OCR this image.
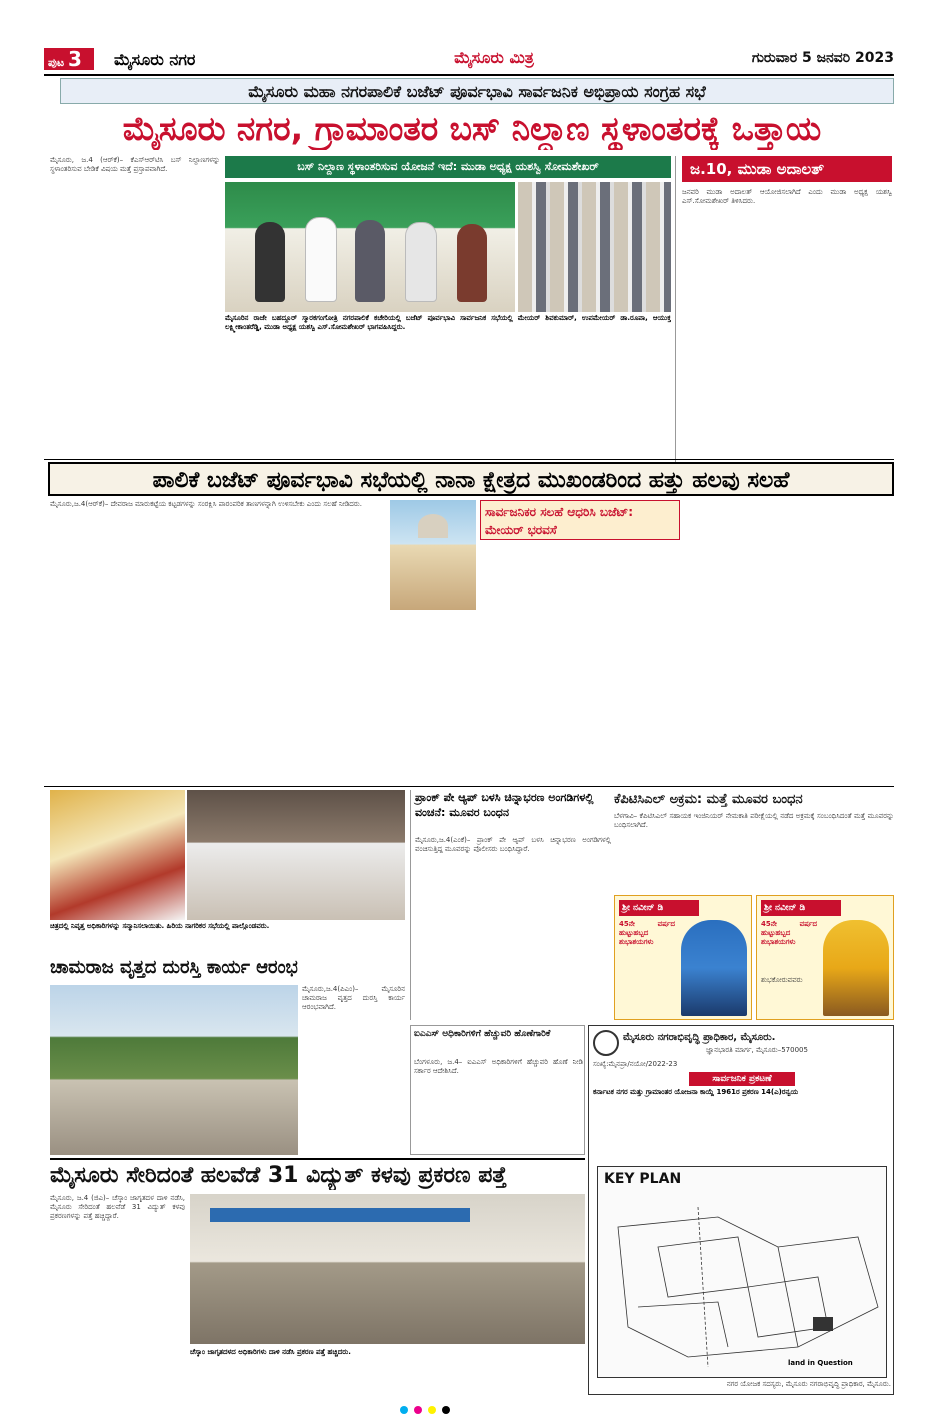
ಪುಟ 3	ಮೈಸೂರು ನಗರ	ಮೈಸೂರು ಮಿತ್ರ	ಗುರುವಾರ 5 ಜನವರಿ 2023
ಮೈಸೂರು ಮಹಾ ನಗರಪಾಲಿಕೆ ಬಜೆಟ್ ಪೂರ್ವಭಾವಿ ಸಾರ್ವಜನಿಕ ಅಭಿಪ್ರಾಯ ಸಂಗ್ರಹ ಸಭೆ
ಮೈಸೂರು ನಗರ, ಗ್ರಾಮಾಂತರ ಬಸ್ ನಿಲ್ದಾಣ ಸ್ಥಳಾಂತರಕ್ಕೆ ಒತ್ತಾಯ
ಮೈಸೂರು, ಜ.4 (ಆರ್‌ಕೆ)– ಕೆಎಸ್‌ಆರ್‌ಟಿಸಿ ಬಸ್ ನಿಲ್ದಾಣಗಳನ್ನು ಸ್ಥಳಾಂತರಿಸುವ ಬೇಡಿಕೆ ವಿಷಯ ಮತ್ತೆ ಪ್ರಸ್ತಾಪವಾಗಿದೆ.	ಬಸ್ ನಿಲ್ದಾಣ ಸ್ಥಳಾಂತರಿಸುವ ಯೋಜನೆ ಇದೆ: ಮುಡಾ ಅಧ್ಯಕ್ಷ ಯಶಸ್ವಿ ಸೋಮಶೇಖರ್
ಮೈಸೂರಿನ ರಾಜೇ ಬಹದ್ದೂರ್ ಸ್ಮಾರಕಗಂಗೋತ್ರಿ ನಗರಪಾಲಿಕೆ ಕಚೇರಿಯಲ್ಲಿ ಬಜೆಟ್ ಪೂರ್ವಭಾವಿ ಸಾರ್ವಜನಿಕ ಸಭೆಯಲ್ಲಿ ಮೇಯರ್ ಶಿವಕುಮಾರ್, ಉಪಮೇಯರ್ ಡಾ.ರೂಪಾ, ಆಯುಕ್ತ ಲಕ್ಷ್ಮೀಕಾಂತರೆಡ್ಡಿ, ಮುಡಾ ಅಧ್ಯಕ್ಷ ಯಶಸ್ವಿ ಎಸ್.ಸೋಮಶೇಖರ್ ಭಾಗವಹಿಸಿದ್ದರು.
ಜ.10, ಮುಡಾ ಅದಾಲತ್
ಜನವರಿ ಮುಡಾ ಅದಾಲತ್ ಆಯೋಜಿಸಲಾಗಿದೆ ಎಂದು ಮುಡಾ ಅಧ್ಯಕ್ಷ ಯಶಸ್ವಿ ಎಸ್.ಸೋಮಶೇಖರ್ ತಿಳಿಸಿದರು.
ಪಾಲಿಕೆ ಬಜೆಟ್ ಪೂರ್ವಭಾವಿ ಸಭೆಯಲ್ಲಿ ನಾನಾ ಕ್ಷೇತ್ರದ ಮುಖಂಡರಿಂದ ಹತ್ತು ಹಲವು ಸಲಹೆ
ಮೈಸೂರು,ಜ.4(ಆರ್‌ಕೆ)– ದೇವರಾಜ ಮಾರುಕಟ್ಟೆಯ ಕಟ್ಟಡಗಳನ್ನು ಸಂರಕ್ಷಿಸಿ ಪಾರಂಪರಿಕ ತಾಣಗಳನ್ನಾಗಿ ಉಳಿಸಬೇಕು ಎಂದು ಸಲಹೆ ನೀಡಿದರು.
ಸಾರ್ವಜನಿಕರ ಸಲಹೆ ಆಧರಿಸಿ ಬಜೆಟ್: ಮೇಯರ್ ಭರವಸೆ
ಚಿತ್ರದಲ್ಲಿ ನಿವೃತ್ತ ಅಧಿಕಾರಿಗಳನ್ನು ಸನ್ಮಾನಿಸಲಾಯಿತು. ಹಿರಿಯ ನಾಗರಿಕರ ಸಭೆಯಲ್ಲಿ ಪಾಲ್ಗೊಂಡವರು.
ಪ್ರಾಂಕ್ ಪೇ ಆ್ಯಪ್ ಬಳಸಿ ಚಿನ್ನಾಭರಣ ಅಂಗಡಿಗಳಲ್ಲಿ ವಂಚನೆ: ಮೂವರ ಬಂಧನ
ಮೈಸೂರು,ಜ.4(ಎಂಕೆ)– ಪ್ರಾಂಕ್ ಪೇ ಆ್ಯಪ್ ಬಳಸಿ ಚಿನ್ನಾಭರಣ ಅಂಗಡಿಗಳಲ್ಲಿ ವಂಚಿಸುತ್ತಿದ್ದ ಮೂವರನ್ನು ಪೊಲೀಸರು ಬಂಧಿಸಿದ್ದಾರೆ.
ಕೆಪಿಟಿಸಿಎಲ್ ಅಕ್ರಮ: ಮತ್ತೆ ಮೂವರ ಬಂಧನ
ಬೆಳಗಾವಿ– ಕೆಪಿಟಿಸಿಎಲ್ ಸಹಾಯಕ ಇಂಜಿನಿಯರ್ ನೇಮಕಾತಿ ಪರೀಕ್ಷೆಯಲ್ಲಿ ನಡೆದ ಅಕ್ರಮಕ್ಕೆ ಸಂಬಂಧಿಸಿದಂತೆ ಮತ್ತೆ ಮೂವರನ್ನು ಬಂಧಿಸಲಾಗಿದೆ.
ಶ್ರೀ ನವೀನ್ ಡಿ
45ನೇ ವರ್ಷದ ಹುಟ್ಟುಹಬ್ಬದ ಶುಭಾಶಯಗಳು
ಶ್ರೀ ನವೀನ್ ಡಿ
45ನೇ ವರ್ಷದ ಹುಟ್ಟುಹಬ್ಬದ ಶುಭಾಶಯಗಳು
ಶುಭಕೋರುವವರು
ಚಾಮರಾಜ ವೃತ್ತದ ದುರಸ್ತಿ ಕಾರ್ಯ ಆರಂಭ
ಮೈಸೂರು,ಜ.4(ಪಿಎಂ)– ಮೈಸೂರಿನ ಚಾಮರಾಜ ವೃತ್ತದ ದುರಸ್ತಿ ಕಾರ್ಯ ಆರಂಭವಾಗಿದೆ.
ಐಎಎಸ್ ಅಧಿಕಾರಿಗಳಿಗೆ ಹೆಚ್ಚುವರಿ ಹೊಣೆಗಾರಿಕೆ
ಬೆಂಗಳೂರು, ಜ.4– ಐಎಎಸ್ ಅಧಿಕಾರಿಗಳಿಗೆ ಹೆಚ್ಚುವರಿ ಹೊಣೆ ನೀಡಿ ಸರ್ಕಾರ ಆದೇಶಿಸಿದೆ.
ಮೈಸೂರು ನಗರಾಭಿವೃದ್ಧಿ ಪ್ರಾಧಿಕಾರ, ಮೈಸೂರು.
ಜ್ಞಾನಭಾರತಿ ಮಾರ್ಗ, ಮೈಸೂರು–570005
ಸಂಖ್ಯೆ:ಮೈನಪ್ರಾ/ನಯೋ/2022-23
ಸಾರ್ವಜನಿಕ ಪ್ರಕಟಣೆ
ಕರ್ನಾಟಕ ನಗರ ಮತ್ತು ಗ್ರಾಮಾಂತರ ಯೋಜನಾ ಕಾಯ್ದೆ 1961ರ ಪ್ರಕರಣ 14(ಎ)ರನ್ವಯ
KEY PLAN
land in Question
ನಗರ ಯೋಜಕ ಸದಸ್ಯರು, ಮೈಸೂರು ನಗರಾಭಿವೃದ್ಧಿ ಪ್ರಾಧಿಕಾರ, ಮೈಸೂರು.
ಮೈಸೂರು ಸೇರಿದಂತೆ ಹಲವೆಡೆ 31 ವಿದ್ಯುತ್ ಕಳವು ಪ್ರಕರಣ ಪತ್ತೆ
ಮೈಸೂರು, ಜ.4 (ಜಿಎ)– ಚೆಸ್ಕಾಂ ಜಾಗೃತದಳ ದಾಳಿ ನಡೆಸಿ, ಮೈಸೂರು ಸೇರಿದಂತೆ ಹಲವೆಡೆ 31 ವಿದ್ಯುತ್ ಕಳವು ಪ್ರಕರಣಗಳನ್ನು ಪತ್ತೆ ಹಚ್ಚಿದ್ದಾರೆ.
ಚೆಸ್ಕಾಂ ಜಾಗೃತದಳದ ಅಧಿಕಾರಿಗಳು ದಾಳಿ ನಡೆಸಿ ಪ್ರಕರಣ ಪತ್ತೆ ಹಚ್ಚಿದರು.
